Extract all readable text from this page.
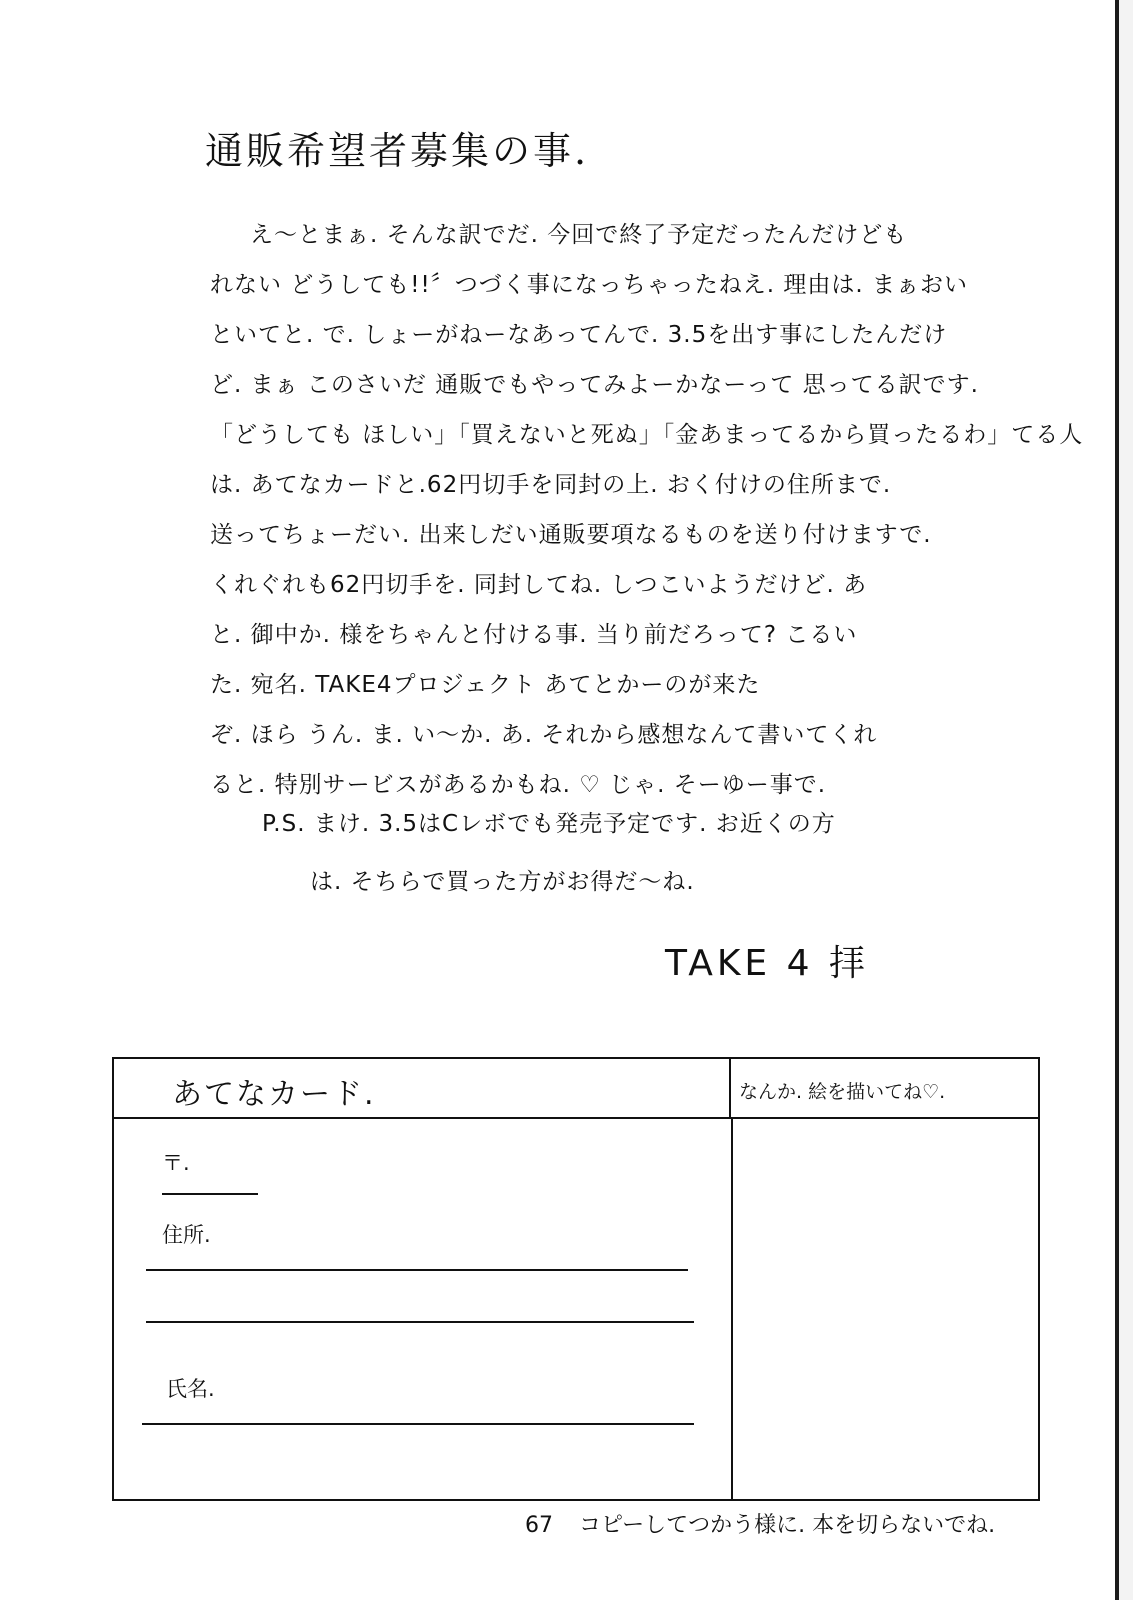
通販希望者募集の事.
え〜とまぁ. そんな訳でだ. 今回で終了予定だったんだけども
れない どうしても!!〞つづく事になっちゃったねえ. 理由は. まぁおい
といてと. で. しょーがねーなあってんで. 3.5を出す事にしたんだけ
ど. まぁ このさいだ 通販でもやってみよーかなーって 思ってる訳です.
「どうしても ほしい」「買えないと死ぬ」「金あまってるから買ったるわ」てる人
は. あてなカードと.62円切手を同封の上. おく付けの住所まで.
送ってちょーだい. 出来しだい通販要項なるものを送り付けますで.
くれぐれも62円切手を. 同封してね. しつこいようだけど. あ
と. 御中か. 様をちゃんと付ける事. 当り前だろって? こるい
た. 宛名. TAKE4プロジェクト あてとかーのが来た
ぞ. ほら うん. ま. い〜か. あ. それから感想なんて書いてくれ
ると. 特別サービスがあるかもね. ♡ じゃ. そーゆー事で.
P.S. まけ. 3.5はCレボでも発売予定です. お近くの方
は. そちらで買った方がお得だ〜ね.
TAKE 4 拝
あてなカード.	なんか. 絵を描いてね♡.
〒.
住所.
氏名.
67 コピーしてつかう様に. 本を切らないでね.
